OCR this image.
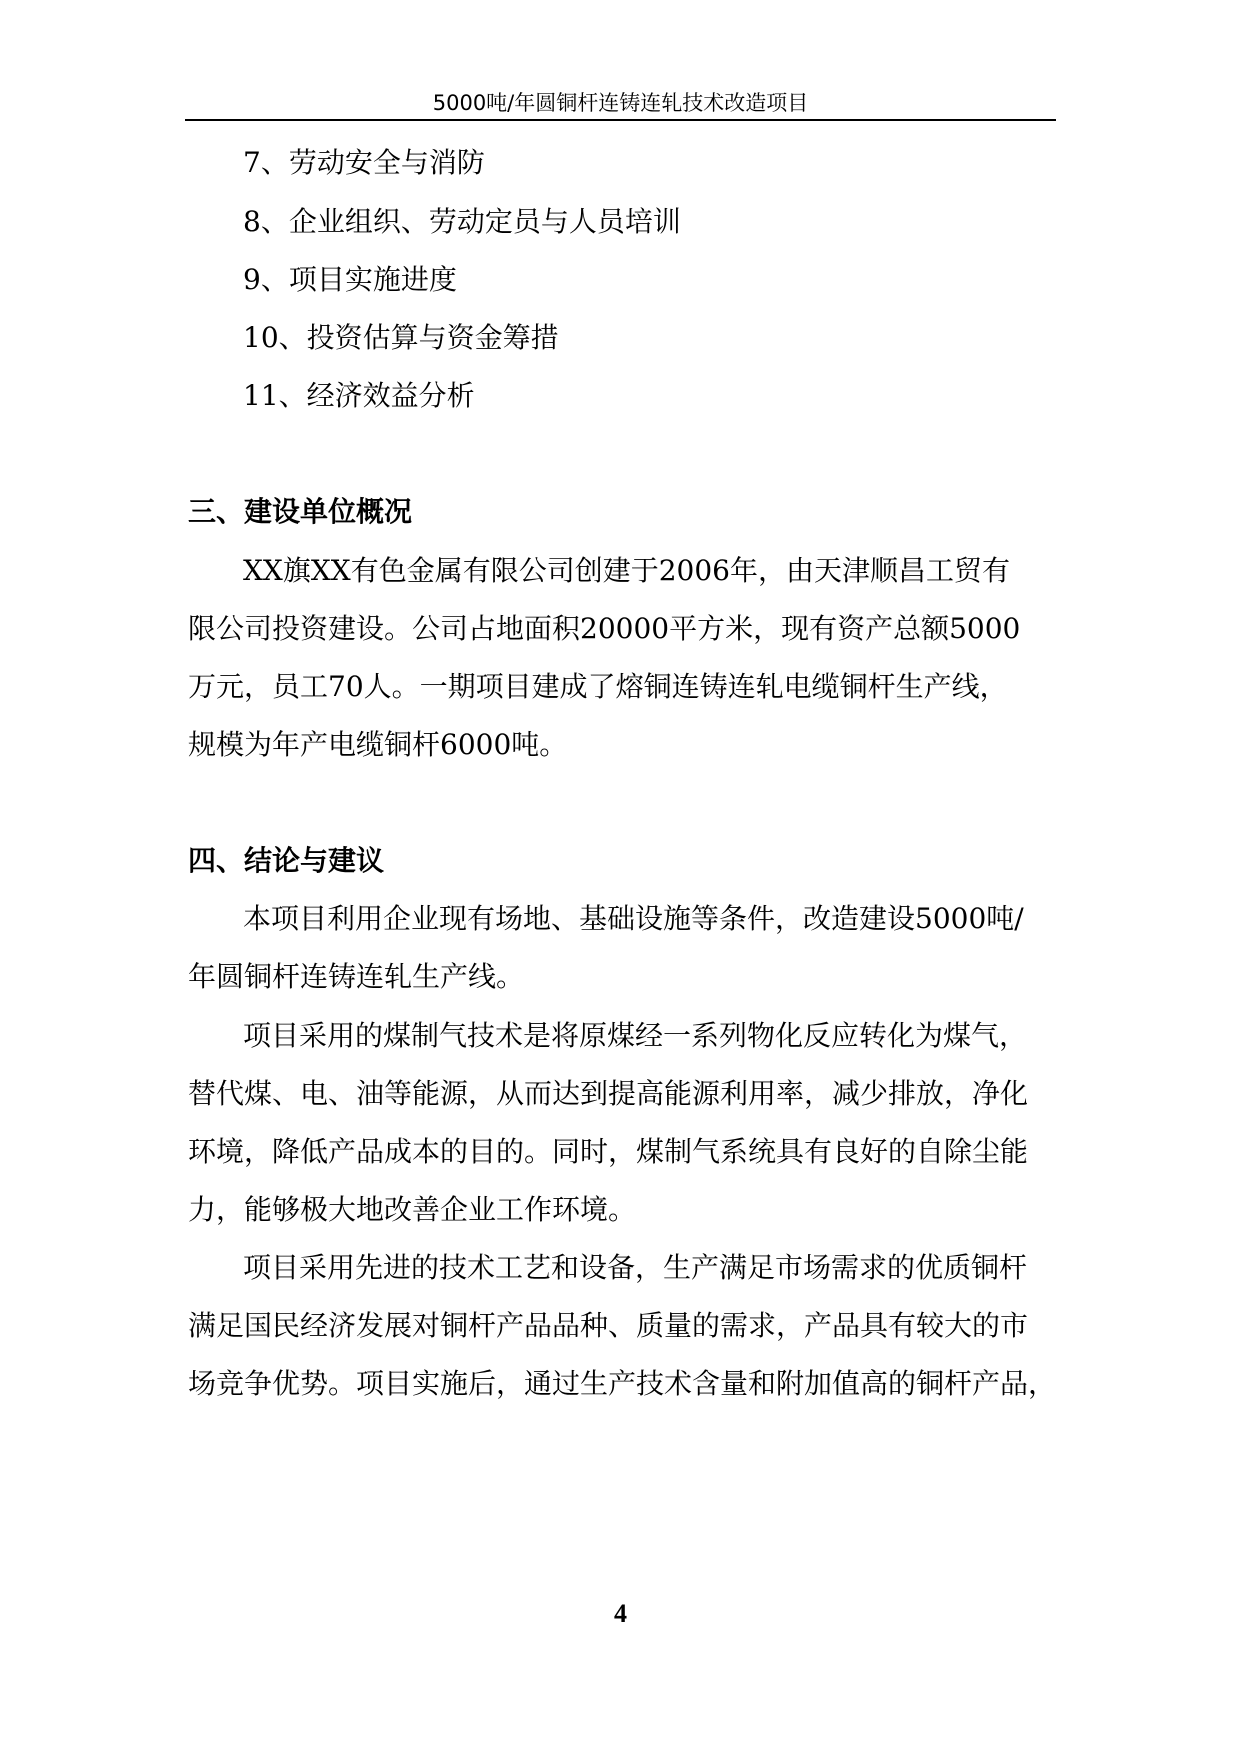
5000吨/年圆铜杆连铸连轧技术改造项目
7、劳动安全与消防
8、企业组织、劳动定员与人员培训
9、项目实施进度
10、投资估算与资金筹措
11、经济效益分析
三、建设单位概况
XX旗XX有色金属有限公司创建于2006年，由天津顺昌工贸有
限公司投资建设。公司占地面积20000平方米，现有资产总额5000
万元，员工70人。一期项目建成了熔铜连铸连轧电缆铜杆生产线，
规模为年产电缆铜杆6000吨。
四、结论与建议
本项目利用企业现有场地、基础设施等条件，改造建设5000吨/
年圆铜杆连铸连轧生产线。
项目采用的煤制气技术是将原煤经一系列物化反应转化为煤气，
替代煤、电、油等能源，从而达到提高能源利用率，减少排放，净化
环境，降低产品成本的目的。同时，煤制气系统具有良好的自除尘能
力，能够极大地改善企业工作环境。
项目采用先进的技术工艺和设备，生产满足市场需求的优质铜杆
满足国民经济发展对铜杆产品品种、质量的需求，产品具有较大的市
场竞争优势。项目实施后，通过生产技术含量和附加值高的铜杆产品，
4
